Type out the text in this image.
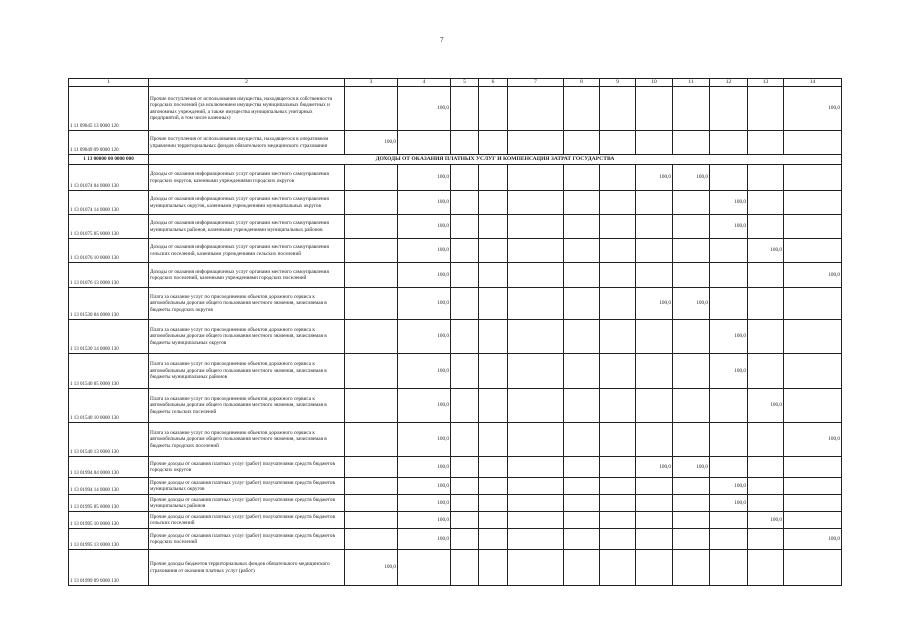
7
1	2	3	4	5	6	7	8	9	10	11	12	13	14
1 11 09045 13 0000 120	Прочие поступления от использования имущества, находящегося в собственности городских поселений (за исключением имущества муниципальных бюджетных и автономных учреждений, а также имущества муниципальных унитарных предприятий, в том числе казенных)		100,0										100,0
1 11 09049 09 0000 120	Прочие поступления от использования имущества, находящегося в оперативном управлении территориальных фондов обязательного медицинского страхования	100,0											
1 13 00000 00 0000 000	ДОХОДЫ ОТ ОКАЗАНИЯ ПЛАТНЫХ УСЛУГ И КОМПЕНСАЦИЯ ЗАТРАТ ГОСУДАРСТВА												
1 13 01074 04 0000 130	Доходы от оказания информационных услуг органами местного самоуправления городских округов, казенными учреждениями городских округов		100,0						100,0	100,0			
1 13 01074 14 0000 130	Доходы от оказания информационных услуг органами местного самоуправления муниципальных округов, казенными учреждениями муниципальных округов		100,0								100,0		
1 13 01075 05 0000 130	Доходы от оказания информационных услуг органами местного самоуправления муниципальных районов, казенными учреждениями муниципальных районов		100,0								100,0		
1 13 01076 10 0000 130	Доходы от оказания информационных услуг органами местного самоуправления сельских поселений, казенными учреждениями сельских поселений		100,0									100,0	
1 13 01076 13 0000 130	Доходы от оказания информационных услуг органами местного самоуправления городских поселений, казенными учреждениями городских поселений		100,0										100,0
1 13 01530 04 0000 130	Плата за оказание услуг по присоединению объектов дорожного сервиса к автомобильным дорогам общего пользования местного значения, зачисляемая в бюджеты городских округов		100,0						100,0	100,0			
1 13 01530 14 0000 130	Плата за оказание услуг по присоединению объектов дорожного сервиса к автомобильным дорогам общего пользования местного значения, зачисляемая в бюджеты муниципальных округов		100,0								100,0		
1 13 01540 05 0000 130	Плата за оказание услуг по присоединению объектов дорожного сервиса к автомобильным дорогам общего пользования местного значения, зачисляемая в бюджеты муниципальных районов		100,0								100,0		
1 13 01540 10 0000 130	Плата за оказание услуг по присоединению объектов дорожного сервиса к автомобильным дорогам общего пользования местного значения, зачисляемая в бюджеты сельских поселений		100,0									100,0	
1 13 01540 13 0000 130	Плата за оказание услуг по присоединению объектов дорожного сервиса к автомобильным дорогам общего пользования местного значения, зачисляемая в бюджеты городских поселений		100,0										100,0
1 13 01994 04 0000 130	Прочие доходы от оказания платных услуг (работ) получателями средств бюджетов городских округов		100,0						100,0	100,0			
1 13 01994 14 0000 130	Прочие доходы от оказания платных услуг (работ) получателями средств бюджетов муниципальных округов		100,0								100,0		
1 13 01995 05 0000 130	Прочие доходы от оказания платных услуг (работ) получателями средств бюджетов муниципальных районов		100,0								100,0		
1 13 01995 10 0000 130	Прочие доходы от оказания платных услуг (работ) получателями средств бюджетов сельских поселений		100,0									100,0	
1 13 01995 13 0000 130	Прочие доходы от оказания платных услуг (работ) получателями средств бюджетов городских поселений		100,0										100,0
1 13 01999 09 0000 130	Прочие доходы бюджетов территориальных фондов обязательного медицинского страхования от оказания платных услуг (работ)	100,0											
